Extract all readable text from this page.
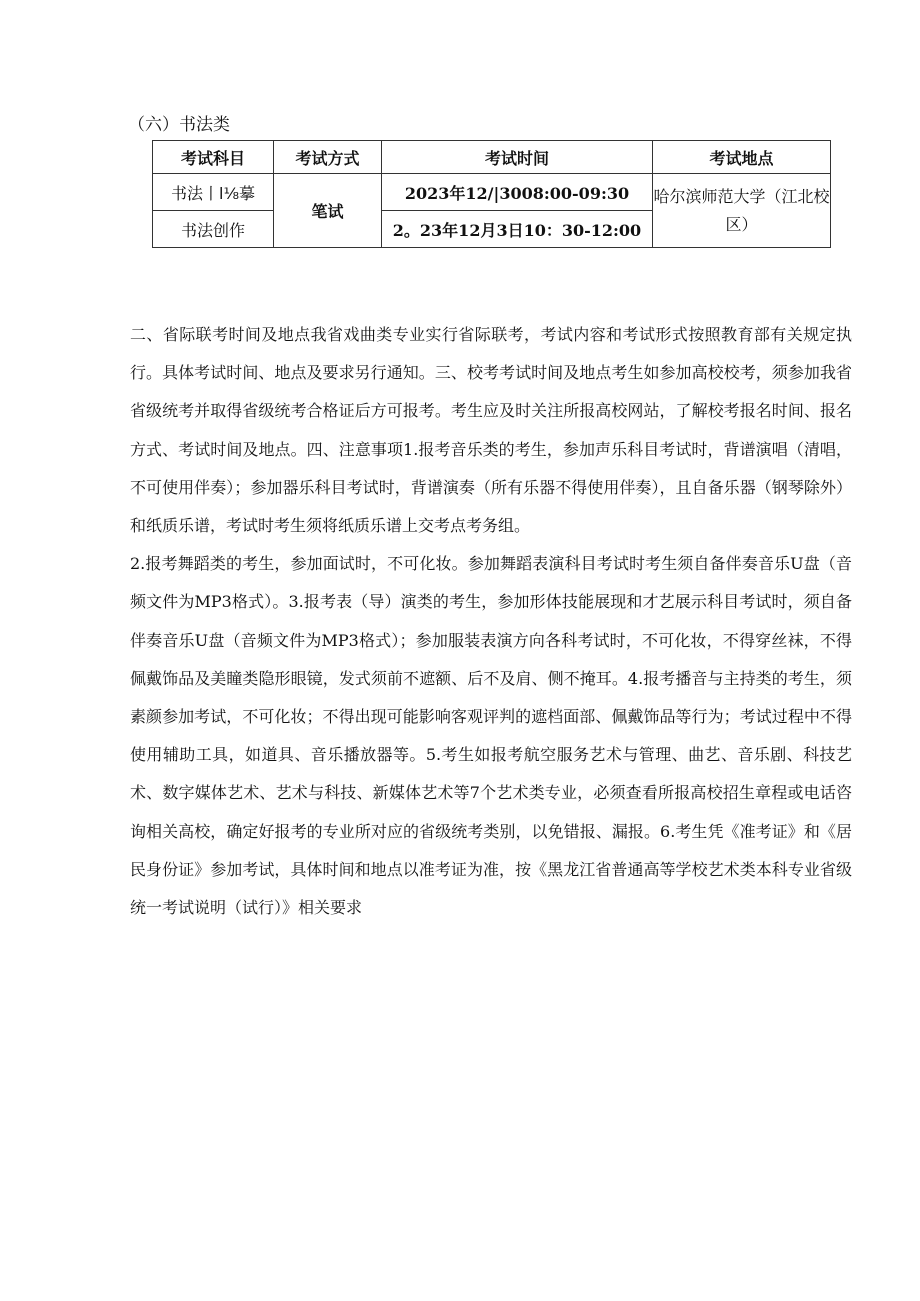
（六）书法类
考试科目	考试方式	考试时间	考试地点
书法丨l⅛摹	笔试	2023年12/|3008:00-09:30	哈尔滨师范大学（江北校区）
书法创作		2。23年12月3日10：30-12:00	

二、省际联考时间及地点我省戏曲类专业实行省际联考，考试内容和考试形式按照教育部有关规定执行。具体考试时间、地点及要求另行通知。三、校考考试时间及地点考生如参加高校校考，须参加我省省级统考并取得省级统考合格证后方可报考。考生应及时关注所报高校网站，了解校考报名时间、报名方式、考试时间及地点。四、注意事项1.报考音乐类的考生，参加声乐科目考试时，背谱演唱（清唱，不可使用伴奏）；参加器乐科目考试时，背谱演奏（所有乐器不得使用伴奏），且自备乐器（钢琴除外）和纸质乐谱，考试时考生须将纸质乐谱上交考点考务组。

2.报考舞蹈类的考生，参加面试时，不可化妆。参加舞蹈表演科目考试时考生须自备伴奏音乐U盘（音频文件为MP3格式）。3.报考表（导）演类的考生，参加形体技能展现和才艺展示科目考试时，须自备伴奏音乐U盘（音频文件为MP3格式）；参加服装表演方向各科考试时，不可化妆，不得穿丝袜，不得佩戴饰品及美瞳类隐形眼镜，发式须前不遮额、后不及肩、侧不掩耳。4.报考播音与主持类的考生，须素颜参加考试，不可化妆；不得出现可能影响客观评判的遮档面部、佩戴饰品等行为；考试过程中不得使用辅助工具，如道具、音乐播放器等。5.考生如报考航空服务艺术与管理、曲艺、音乐剧、科技艺术、数字媒体艺术、艺术与科技、新媒体艺术等7个艺术类专业，必须查看所报高校招生章程或电话咨询相关高校，确定好报考的专业所对应的省级统考类别，以免错报、漏报。6.考生凭《准考证》和《居民身份证》参加考试，具体时间和地点以准考证为准，按《黑龙江省普通高等学校艺术类本科专业省级统一考试说明（试行）》相关要求
